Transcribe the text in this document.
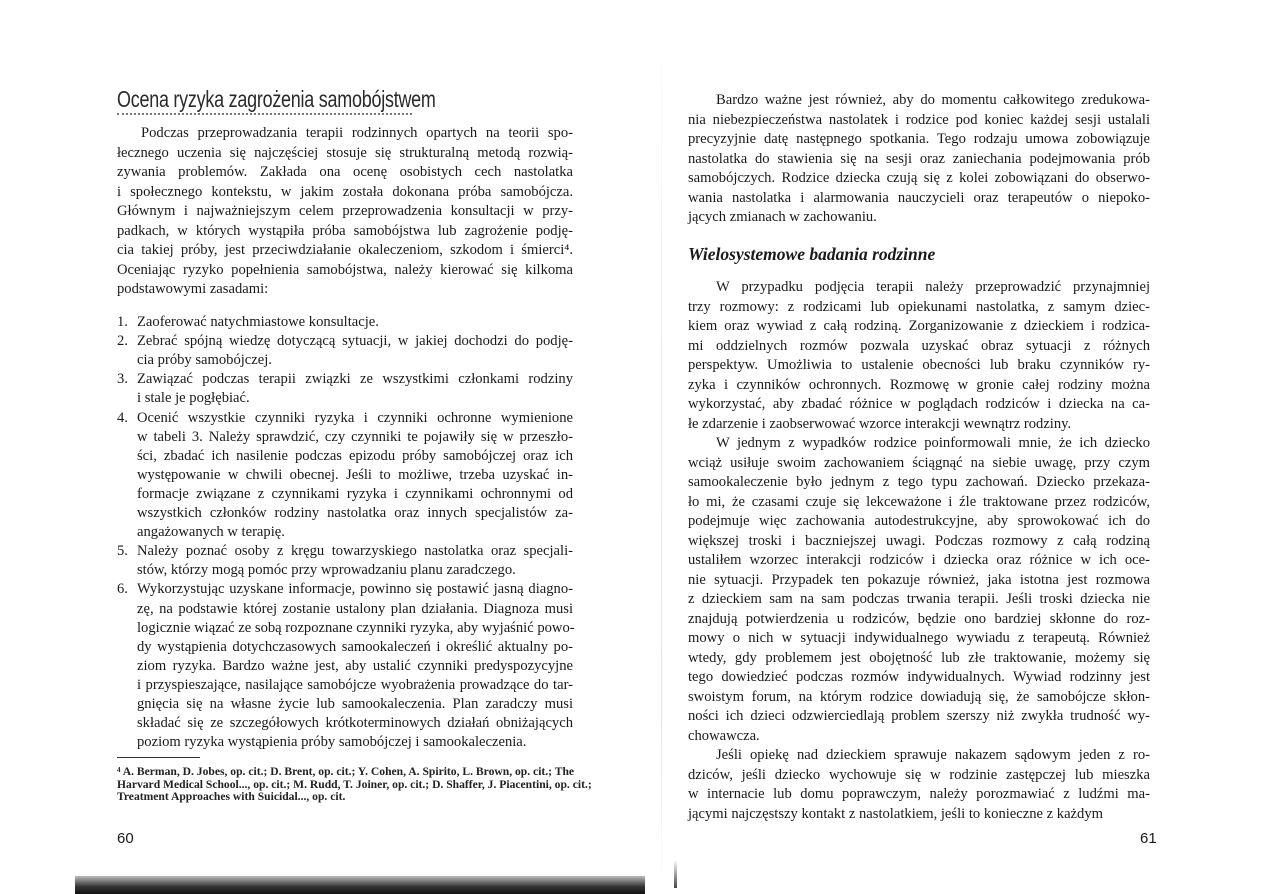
Ocena ryzyka zagrożenia samobójstwem
60
Podczas przeprowadzania terapii rodzinnych opartych na teorii spo-
łecznego uczenia się najczęściej stosuje się strukturalną metodą rozwią-
zywania problemów. Zakłada ona ocenę osobistych cech nastolatka
i społecznego kontekstu, w jakim została dokonana próba samobójcza.
Głównym i najważniejszym celem przeprowadzenia konsultacji w przy-
padkach, w których wystąpiła próba samobójstwa lub zagrożenie podję-
cia takiej próby, jest przeciwdziałanie okaleczeniom, szkodom i śmierci⁴.
Oceniając ryzyko popełnienia samobójstwa, należy kierować się kilkoma
podstawowymi zasadami:
1. Zaoferować natychmiastowe konsultacje.
2. Zebrać spójną wiedzę dotyczącą sytuacji, w jakiej dochodzi do podję-
cia próby samobójczej.
3. Zawiązać podczas terapii związki ze wszystkimi członkami rodziny
i stale je pogłębiać.
4. Ocenić wszystkie czynniki ryzyka i czynniki ochronne wymienione
w tabeli 3. Należy sprawdzić, czy czynniki te pojawiły się w przeszło-
ści, zbadać ich nasilenie podczas epizodu próby samobójczej oraz ich
występowanie w chwili obecnej. Jeśli to możliwe, trzeba uzyskać in-
formacje związane z czynnikami ryzyka i czynnikami ochronnymi od
wszystkich członków rodziny nastolatka oraz innych specjalistów za-
angażowanych w terapię.
5. Należy poznać osoby z kręgu towarzyskiego nastolatka oraz specjali-
stów, którzy mogą pomóc przy wprowadzaniu planu zaradczego.
6. Wykorzystując uzyskane informacje, powinno się postawić jasną diagno-
zę, na podstawie której zostanie ustalony plan działania. Diagnoza musi
logicznie wiązać ze sobą rozpoznane czynniki ryzyka, aby wyjaśnić powo-
dy wystąpienia dotychczasowych samookaleczeń i określić aktualny po-
ziom ryzyka. Bardzo ważne jest, aby ustalić czynniki predyspozycyjne
i przyspieszające, nasilające samobójcze wyobrażenia prowadzące do tar-
gnięcia się na własne życie lub samookaleczenia. Plan zaradczy musi
składać się ze szczegółowych krótkoterminowych działań obniżających
poziom ryzyka wystąpienia próby samobójczej i samookaleczenia.
⁴ A. Berman, D. Jobes, op. cit.; D. Brent, op. cit.; Y. Cohen, A. Spirito, L. Brown, op. cit.; The
Harvard Medical School..., op. cit.; M. Rudd, T. Joiner, op. cit.; D. Shaffer, J. Piacentini, op. cit.;
Treatment Approaches with Suicidal..., op. cit.
Wielosystemowe badania rodzinne
61
Bardzo ważne jest również, aby do momentu całkowitego zredukowa-
nia niebezpieczeństwa nastolatek i rodzice pod koniec każdej sesji ustalali
precyzyjnie datę następnego spotkania. Tego rodzaju umowa zobowiązuje
nastolatka do stawienia się na sesji oraz zaniechania podejmowania prób
samobójczych. Rodzice dziecka czują się z kolei zobowiązani do obserwo-
wania nastolatka i alarmowania nauczycieli oraz terapeutów o niepoko-
jących zmianach w zachowaniu.
W przypadku podjęcia terapii należy przeprowadzić przynajmniej
trzy rozmowy: z rodzicami lub opiekunami nastolatka, z samym dziec-
kiem oraz wywiad z całą rodziną. Zorganizowanie z dzieckiem i rodzica-
mi oddzielnych rozmów pozwala uzyskać obraz sytuacji z różnych
perspektyw. Umożliwia to ustalenie obecności lub braku czynników ry-
zyka i czynników ochronnych. Rozmowę w gronie całej rodziny można
wykorzystać, aby zbadać różnice w poglądach rodziców i dziecka na ca-
łe zdarzenie i zaobserwować wzorce interakcji wewnątrz rodziny.
W jednym z wypadków rodzice poinformowali mnie, że ich dziecko
wciąż usiłuje swoim zachowaniem ściągnąć na siebie uwagę, przy czym
samookaleczenie było jednym z tego typu zachowań. Dziecko przekaza-
ło mi, że czasami czuje się lekceważone i źle traktowane przez rodziców,
podejmuje więc zachowania autodestrukcyjne, aby sprowokować ich do
większej troski i baczniejszej uwagi. Podczas rozmowy z całą rodziną
ustaliłem wzorzec interakcji rodziców i dziecka oraz różnice w ich oce-
nie sytuacji. Przypadek ten pokazuje również, jaka istotna jest rozmowa
z dzieckiem sam na sam podczas trwania terapii. Jeśli troski dziecka nie
znajdują potwierdzenia u rodziców, będzie ono bardziej skłonne do roz-
mowy o nich w sytuacji indywidualnego wywiadu z terapeutą. Również
wtedy, gdy problemem jest obojętność lub złe traktowanie, możemy się
tego dowiedzieć podczas rozmów indywidualnych. Wywiad rodzinny jest
swoistym forum, na którym rodzice dowiadują się, że samobójcze skłon-
ności ich dzieci odzwierciedlają problem szerszy niż zwykła trudność wy-
chowawcza.
Jeśli opiekę nad dzieckiem sprawuje nakazem sądowym jeden z ro-
dziców, jeśli dziecko wychowuje się w rodzinie zastępczej lub mieszka
w internacie lub domu poprawczym, należy porozmawiać z ludźmi ma-
jącymi najczęstszy kontakt z nastolatkiem, jeśli to konieczne z każdym
